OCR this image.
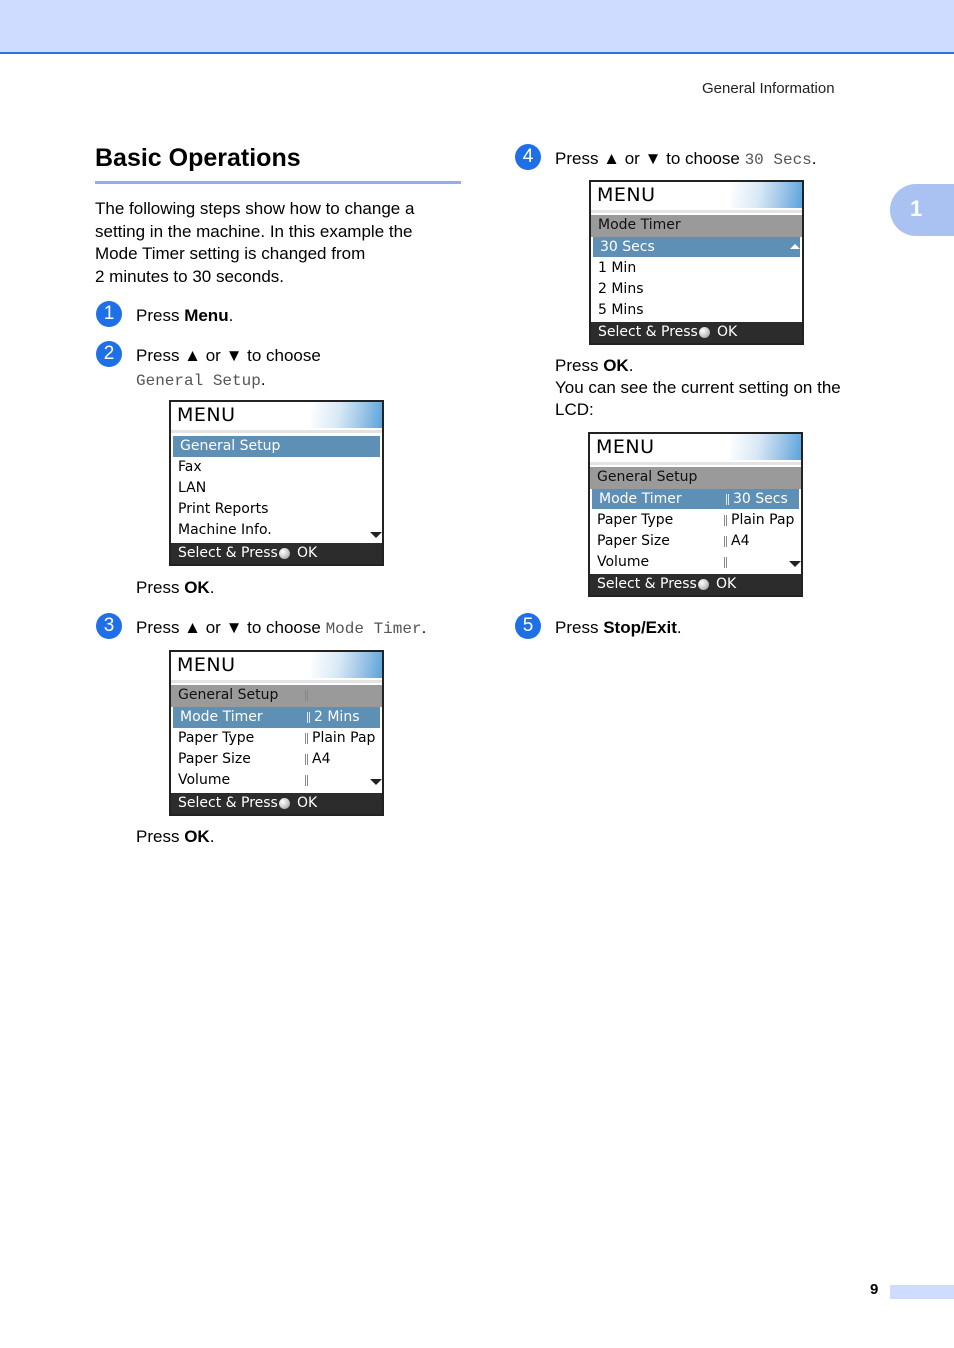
General Information
1
Basic Operations
The following steps show how to change a
setting in the machine. In this example the
Mode Timer setting is changed from
2 minutes to 30 seconds.
1	Press Menu.
2	Press ▲ or ▼ to choose
General Setup.
MENU
General Setup
Fax
LAN
Print Reports
Machine Info.
Select & Press OK
Press OK.
3	Press ▲ or ▼ to choose Mode Timer.
MENU
General Setup
Mode Timer	2 Mins
Paper Type	Plain Pap
Paper Size	A4
Volume
Select & Press OK
Press OK.
4	Press ▲ or ▼ to choose 30 Secs.
MENU
Mode Timer
30 Secs
1 Min
2 Mins
5 Mins
Select & Press OK
Press OK.
You can see the current setting on the
LCD:
MENU
General Setup
Mode Timer	30 Secs
Paper Type	Plain Pap
Paper Size	A4
Volume
Select & Press OK
5	Press Stop/Exit.
9
